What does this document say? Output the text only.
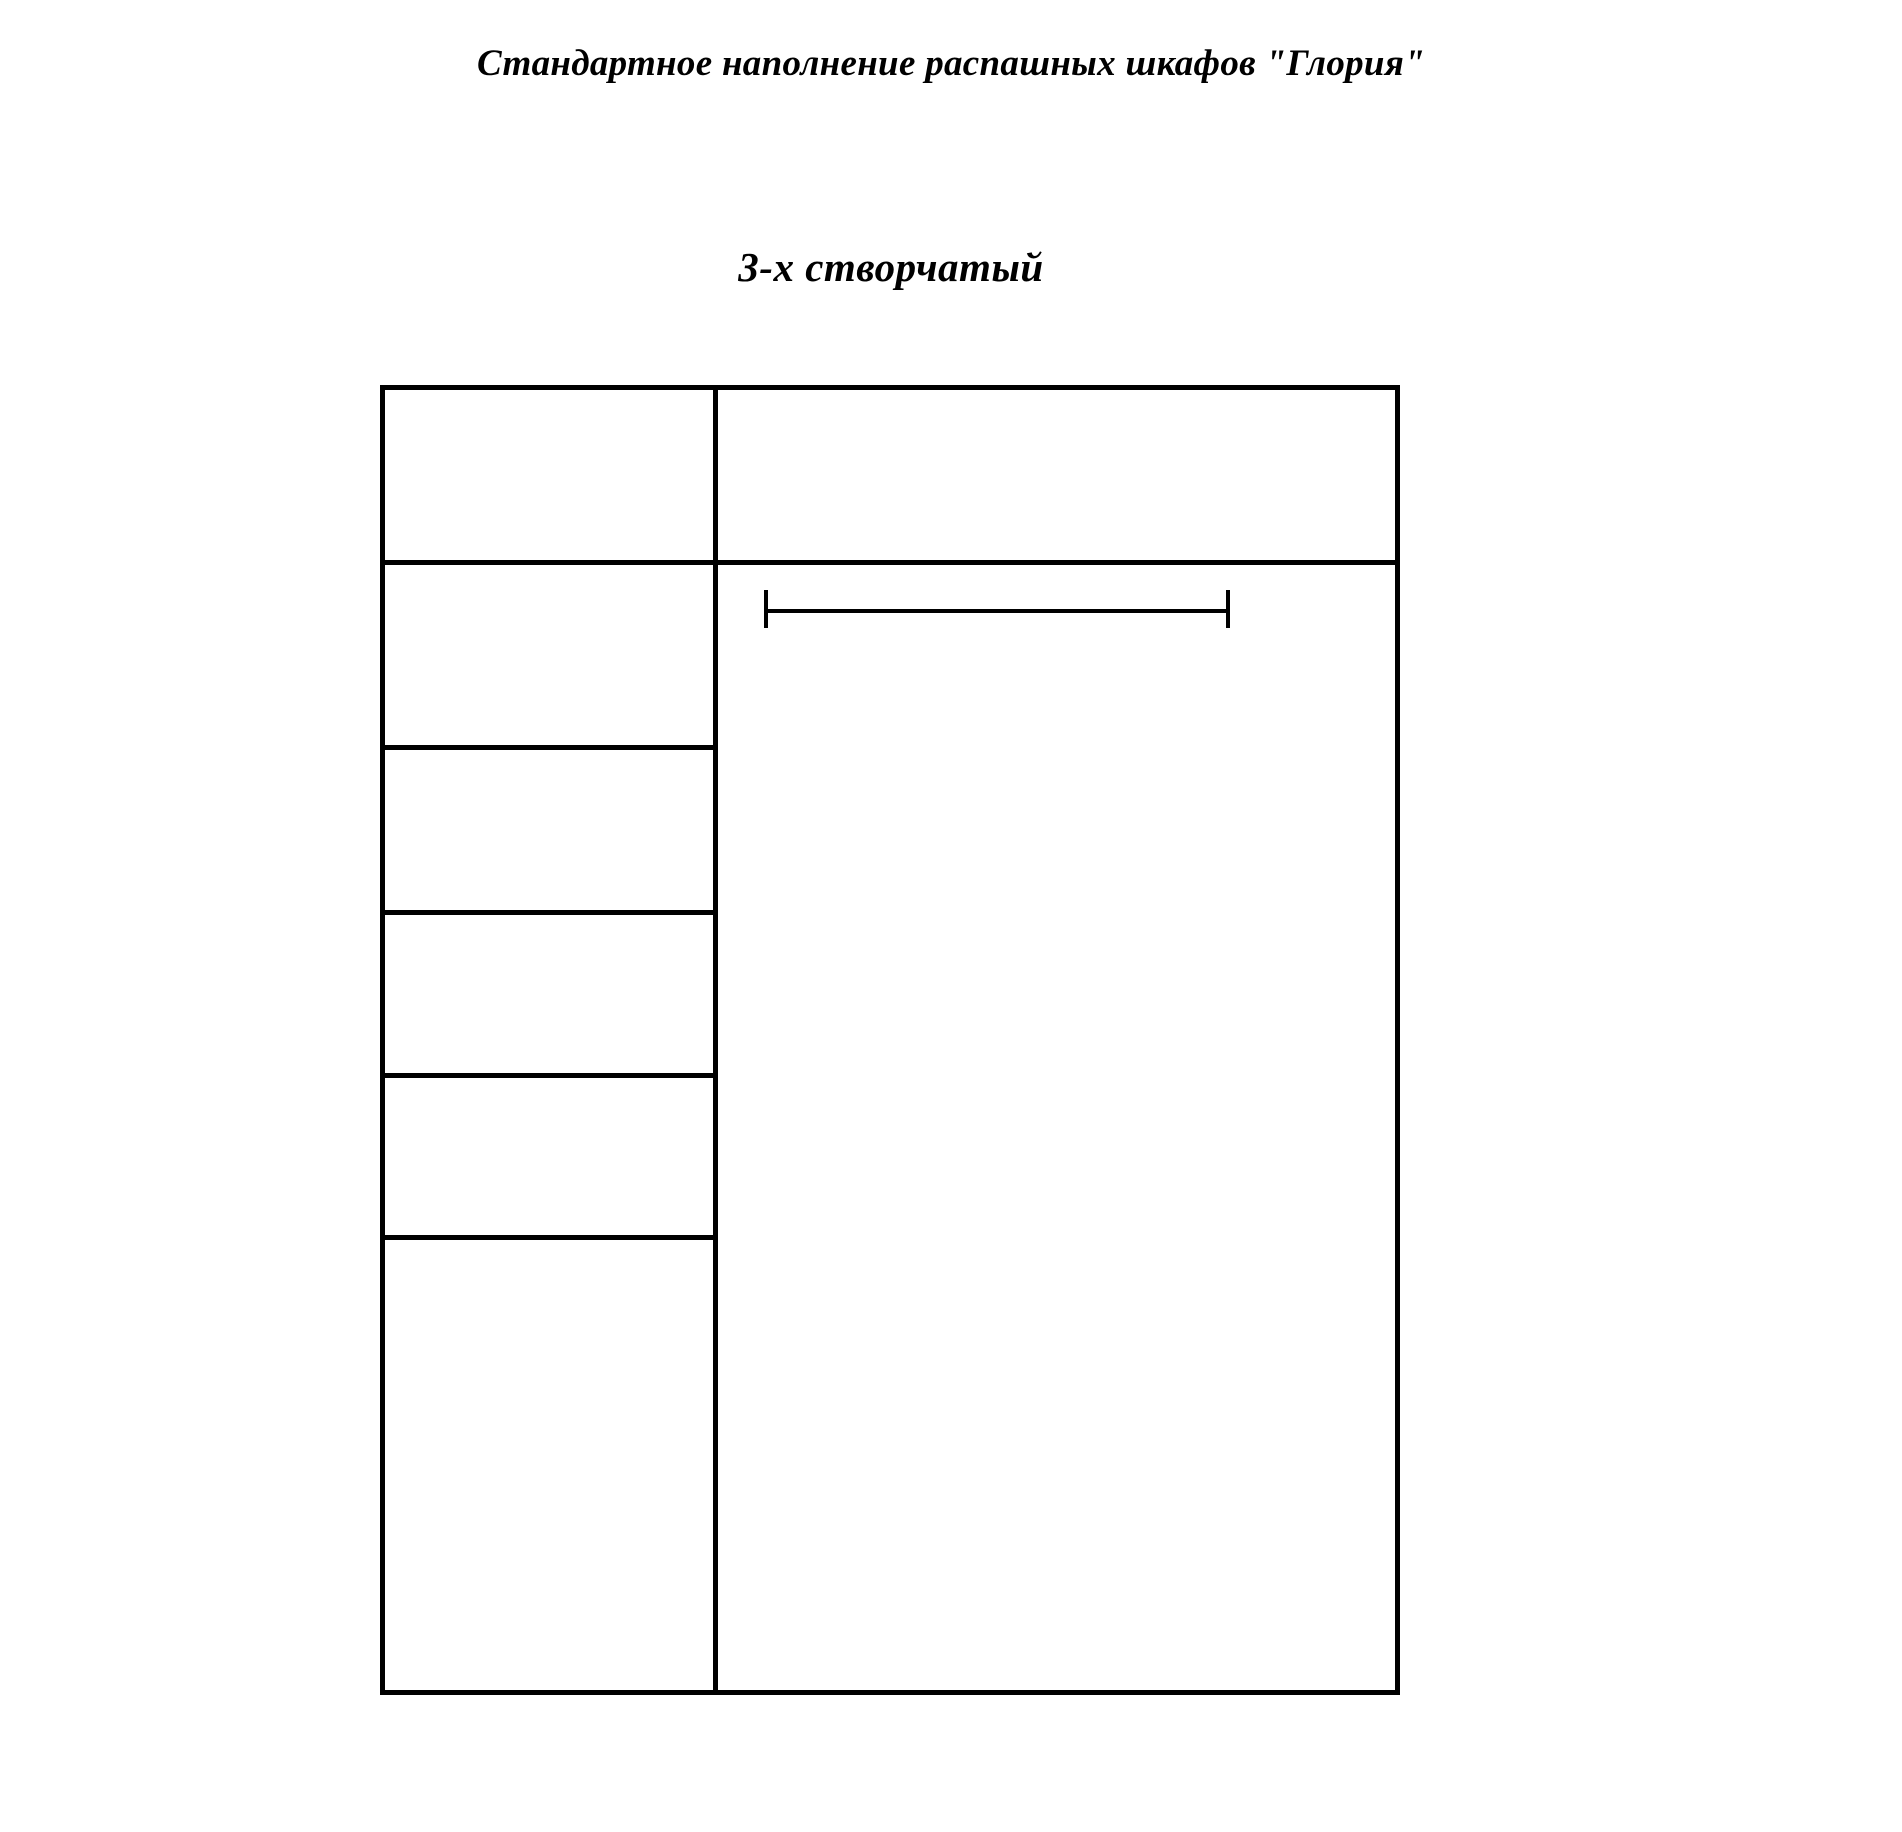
Стандартное наполнение распашных шкафов "Глория"
3-х створчатый
